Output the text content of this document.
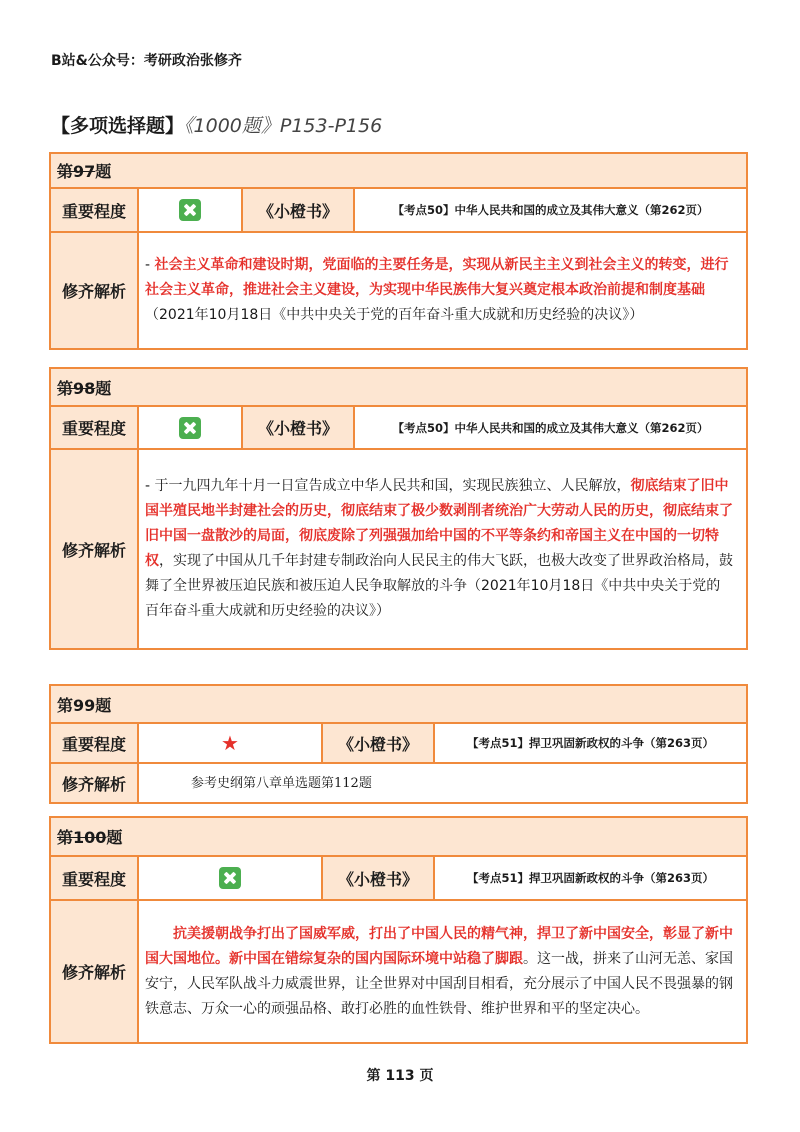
B站&公众号：考研政治张修齐
【多项选择题】《1000题》P153-P156
第97题			
重要程度		《小橙书》	【考点50】中华人民共和国的成立及其伟大意义（第262页）
修齐解析	- 社会主义革命和建设时期，党面临的主要任务是，实现从新民主主义到社会主义的转变，进行社会主义革命，推进社会主义建设，为实现中华民族伟大复兴奠定根本政治前提和制度基础（2021年10月18日《中共中央关于党的百年奋斗重大成就和历史经验的决议》）		
第98题			
重要程度		《小橙书》	【考点50】中华人民共和国的成立及其伟大意义（第262页）
修齐解析	- 于一九四九年十月一日宣告成立中华人民共和国，实现民族独立、人民解放，彻底结束了旧中国半殖民地半封建社会的历史，彻底结束了极少数剥削者统治广大劳动人民的历史，彻底结束了旧中国一盘散沙的局面，彻底废除了列强强加给中国的不平等条约和帝国主义在中国的一切特权，实现了中国从几千年封建专制政治向人民民主的伟大飞跃，也极大改变了世界政治格局，鼓舞了全世界被压迫民族和被压迫人民争取解放的斗争（2021年10月18日《中共中央关于党的百年奋斗重大成就和历史经验的决议》）		
第99题			
重要程度	★	《小橙书》	【考点51】捍卫巩固新政权的斗争（第263页）
修齐解析	参考史纲第八章单选题第112题		
第100题			
重要程度		《小橙书》	【考点51】捍卫巩固新政权的斗争（第263页）
修齐解析	抗美援朝战争打出了国威军威，打出了中国人民的精气神，捍卫了新中国安全，彰显了新中国大国地位。新中国在错综复杂的国内国际环境中站稳了脚跟。这一战，拼来了山河无恙、家国安宁，人民军队战斗力威震世界，让全世界对中国刮目相看，充分展示了中国人民不畏强暴的钢铁意志、万众一心的顽强品格、敢打必胜的血性铁骨、维护世界和平的坚定决心。		
第 113 页
